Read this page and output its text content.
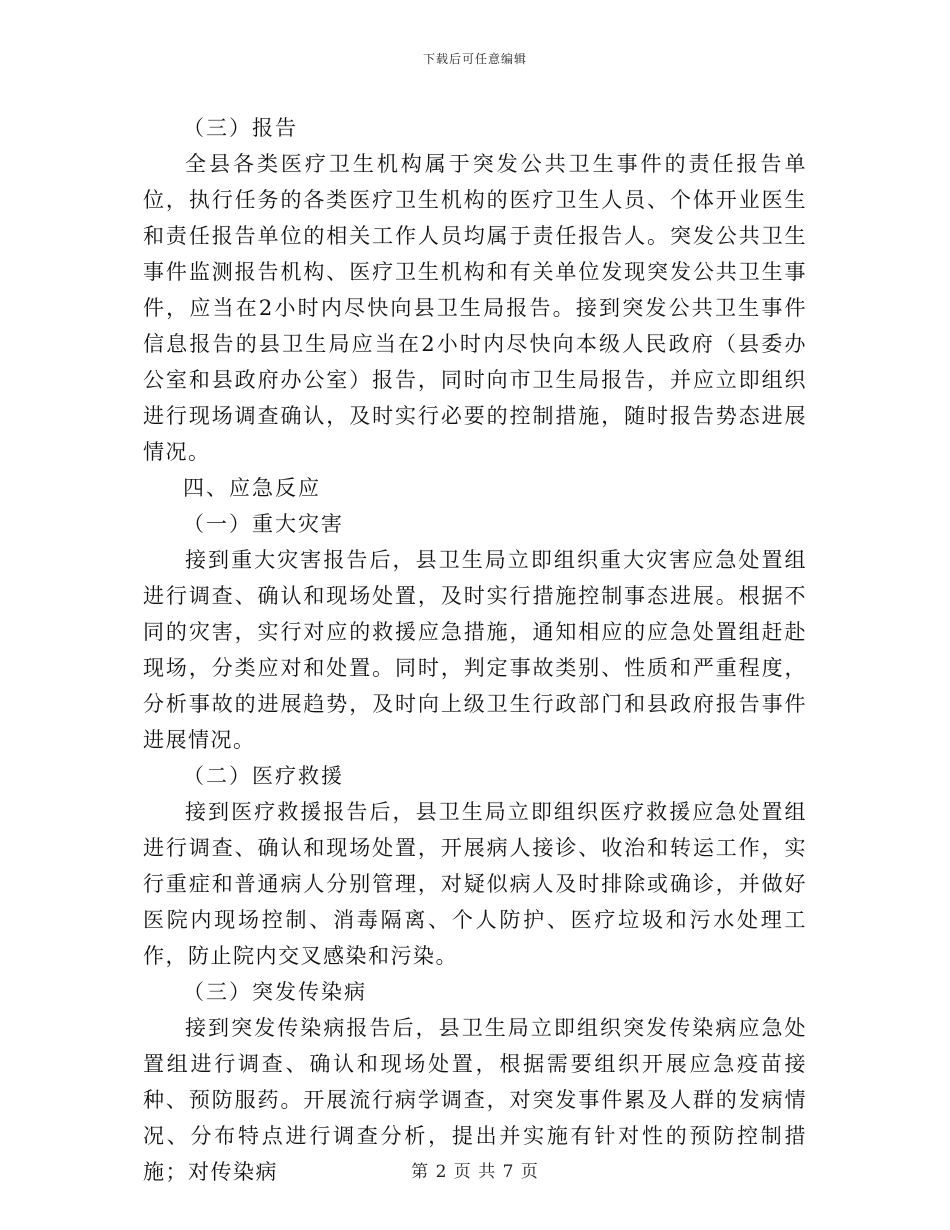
下载后可任意编辑
（三）报告
全县各类医疗卫生机构属于突发公共卫生事件的责任报告单位，执行任务的各类医疗卫生机构的医疗卫生人员、个体开业医生和责任报告单位的相关工作人员均属于责任报告人。突发公共卫生事件监测报告机构、医疗卫生机构和有关单位发现突发公共卫生事件，应当在2小时内尽快向县卫生局报告。接到突发公共卫生事件信息报告的县卫生局应当在2小时内尽快向本级人民政府（县委办公室和县政府办公室）报告，同时向市卫生局报告，并应立即组织进行现场调查确认，及时实行必要的控制措施，随时报告势态进展情况。
四、应急反应
（一）重大灾害
接到重大灾害报告后，县卫生局立即组织重大灾害应急处置组进行调查、确认和现场处置，及时实行措施控制事态进展。根据不同的灾害，实行对应的救援应急措施，通知相应的应急处置组赶赴现场，分类应对和处置。同时，判定事故类别、性质和严重程度，分析事故的进展趋势，及时向上级卫生行政部门和县政府报告事件进展情况。
（二）医疗救援
接到医疗救援报告后，县卫生局立即组织医疗救援应急处置组进行调查、确认和现场处置，开展病人接诊、收治和转运工作，实行重症和普通病人分别管理，对疑似病人及时排除或确诊，并做好医院内现场控制、消毒隔离、个人防护、医疗垃圾和污水处理工作，防止院内交叉感染和污染。
（三）突发传染病
接到突发传染病报告后，县卫生局立即组织突发传染病应急处置组进行调查、确认和现场处置，根据需要组织开展应急疫苗接种、预防服药。开展流行病学调查，对突发事件累及人群的发病情况、分布特点进行调查分析，提出并实施有针对性的预防控制措施；对传染病	第 2 页 共 7 页
